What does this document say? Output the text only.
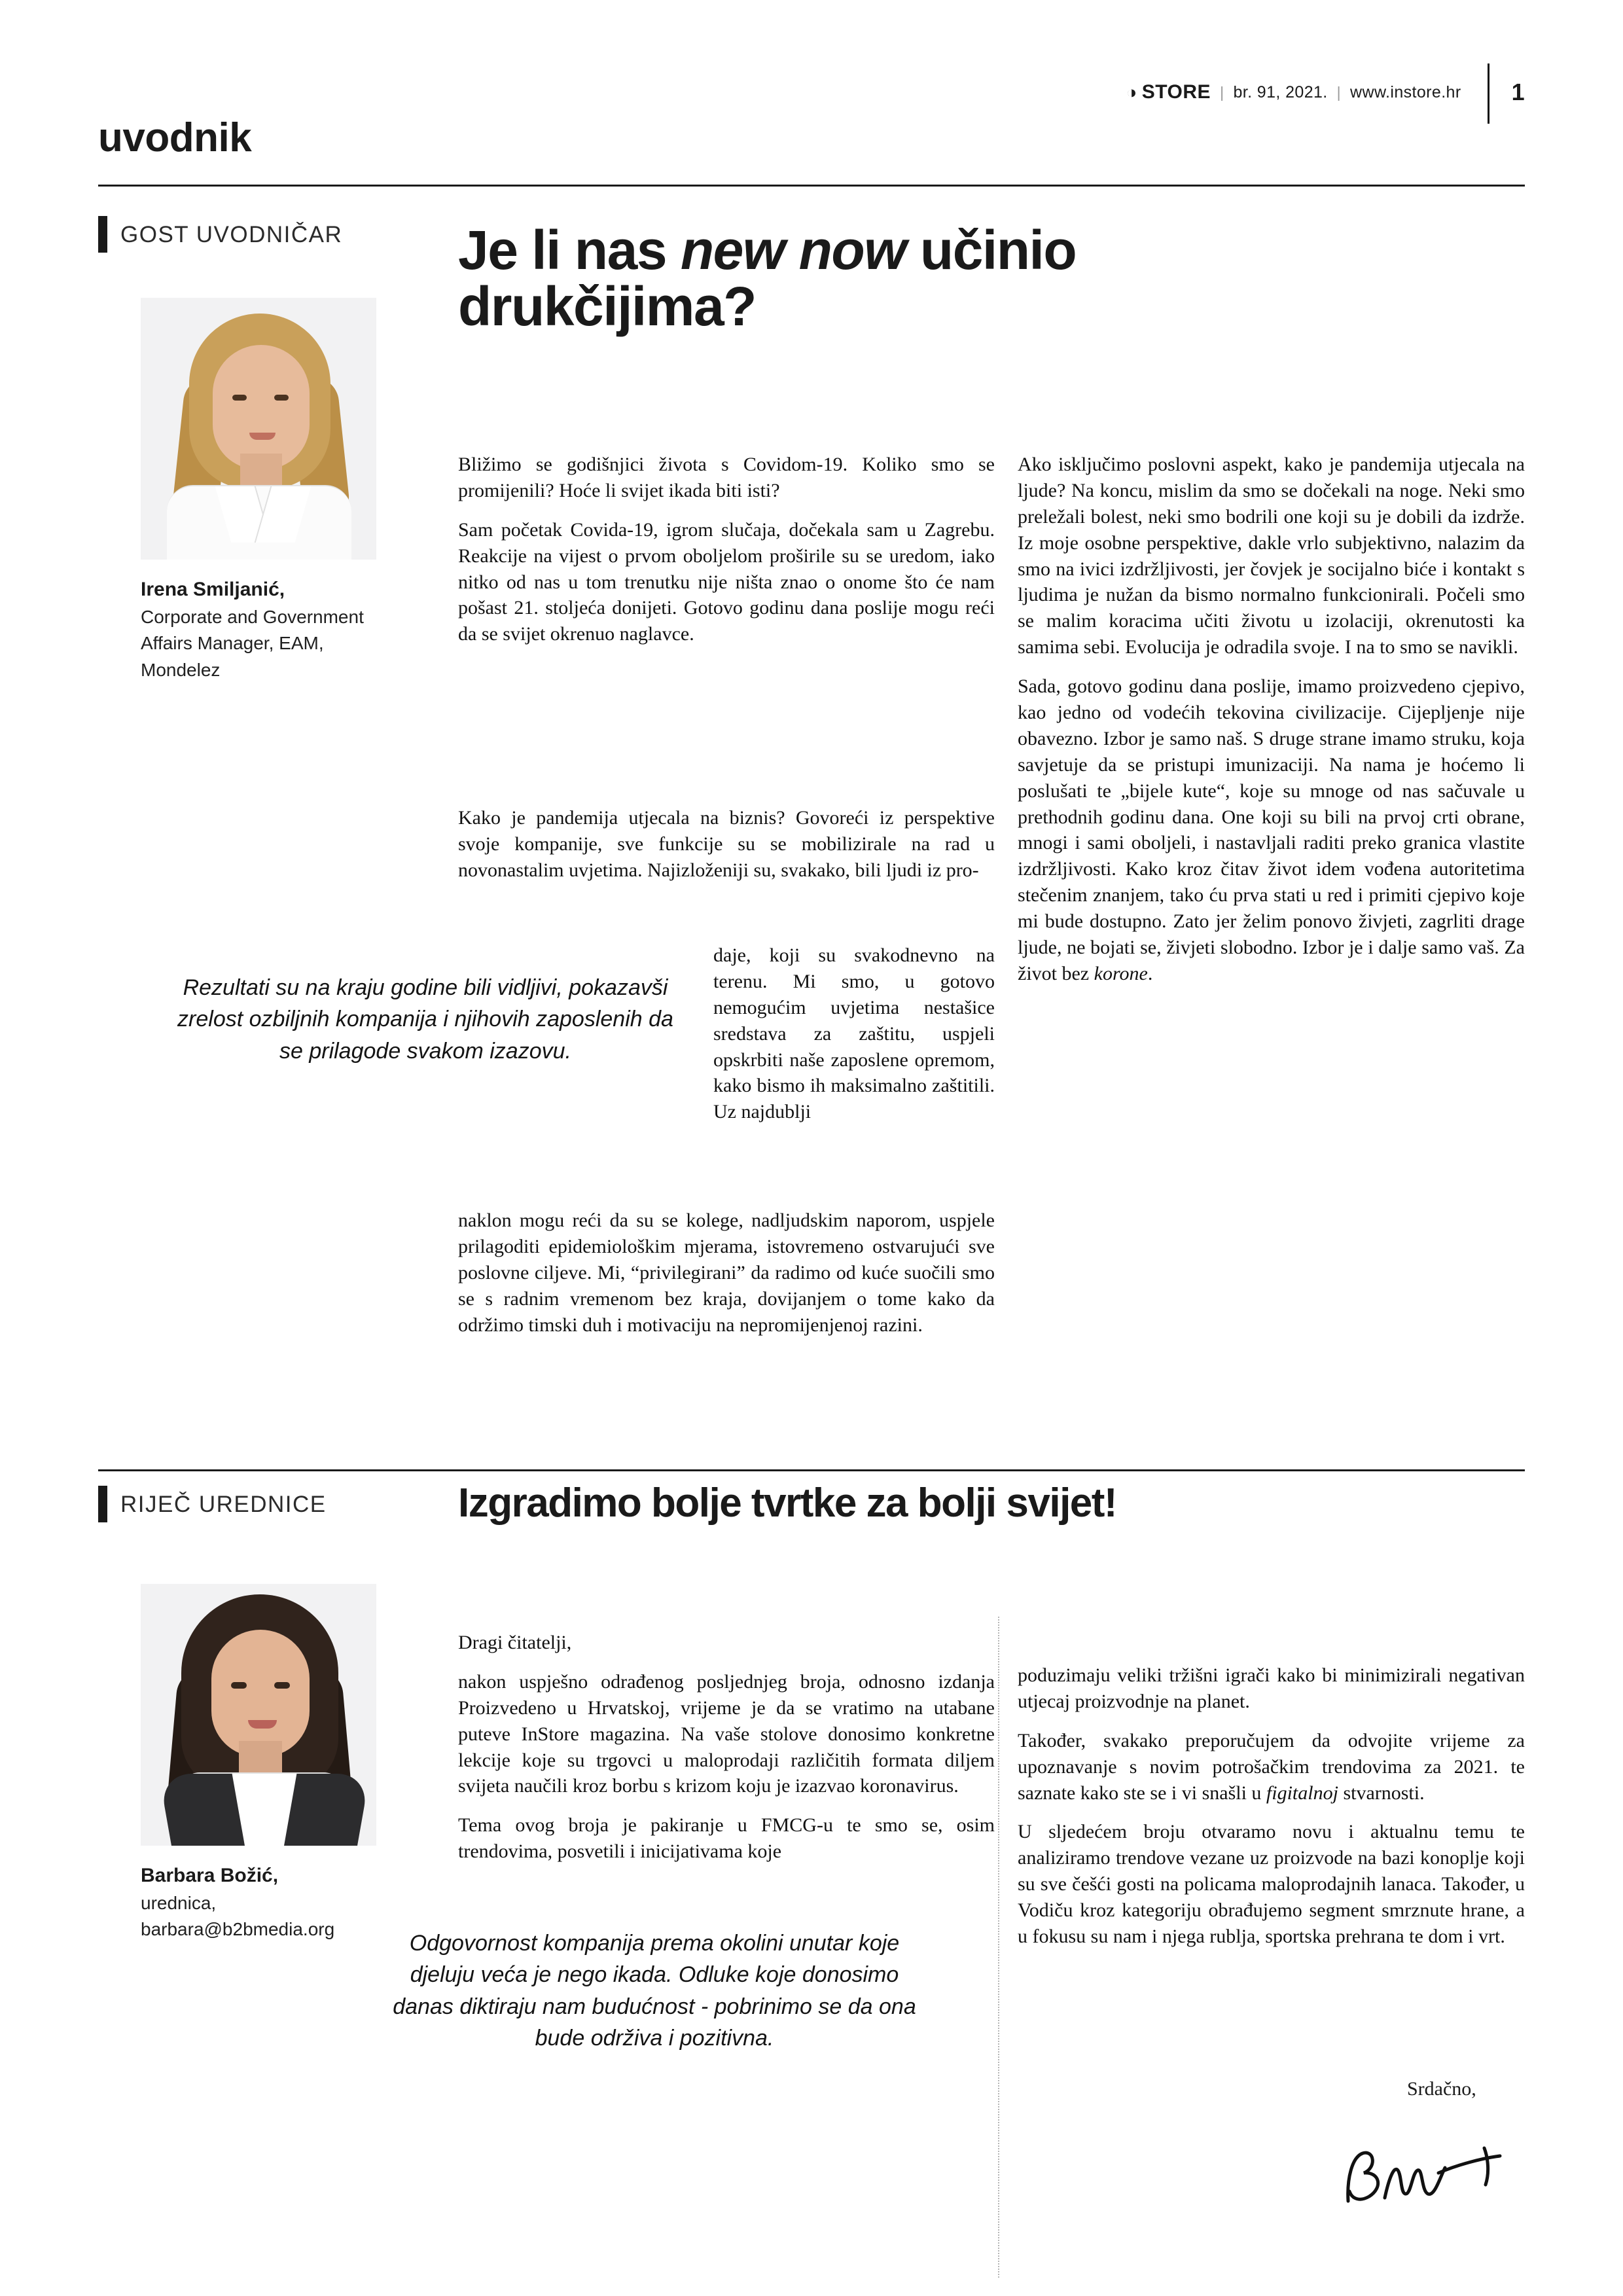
◑ STORE | br. 91, 2021. | www.instore.hr 1
uvodnik
GOST UVODNIČAR Je li nas new now učinio
drukčijima?
Irena Smiljanić,
Corporate and Government
Affairs Manager, EAM,
Mondelez

Bližimo se godišnjici života s Covidom-19. Koliko smo se promijenili? Hoće li svijet ikada biti isti?

Sam početak Covida-19, igrom slučaja, dočekala sam u Zagrebu. Reakcije na vijest o prvom oboljelom proširile su se uredom, iako nitko od nas u tom trenutku nije ništa znao o onome što će nam pošast 21. stoljeća donijeti. Gotovo godinu dana poslije mogu reći da se svijet okrenuo naglavce.

Kako je pandemija utjecala na biznis? Govoreći iz perspektive svoje kompanije, sve funkcije su se mobilizirale na rad u novonastalim uvjetima. Najizloženiji su, svakako, bili ljudi iz pro-

daje, koji su svakodnevno na terenu. Mi smo, u gotovo nemogućim uvjetima nestašice sredstava za zaštitu, uspjeli opskrbiti naše zaposlene opremom, kako bismo ih maksimalno zaštitili. Uz najdublji

naklon mogu reći da su se kolege, nadljudskim naporom, uspjele prilagoditi epidemiološkim mjerama, istovremeno ostvarujući sve poslovne ciljeve. Mi, “privilegirani” da radimo od kuće suočili smo se s radnim vremenom bez kraja, dovijanjem o tome kako da održimo timski duh i motivaciju na nepromijenjenoj razini.

Rezultati su na kraju godine bili vidljivi, pokazavši zrelost ozbiljnih kompanija i njihovih zaposlenih da se prilagode svakom izazovu.

Ako isključimo poslovni aspekt, kako je pandemija utjecala na ljude? Na koncu, mislim da smo se dočekali na noge. Neki smo preležali bolest, neki smo bodrili one koji su je dobili da izdrže. Iz moje osobne perspektive, dakle vrlo subjektivno, nalazim da smo na ivici izdržljivosti, jer čovjek je socijalno biće i kontakt s ljudima je nužan da bismo normalno funkcionirali. Počeli smo se malim koracima učiti životu u izolaciji, okrenutosti ka samima sebi. Evolucija je odradila svoje. I na to smo se navikli.

Sada, gotovo godinu dana poslije, imamo proizvedeno cjepivo, kao jedno od vodećih tekovina civilizacije. Cijepljenje nije obavezno. Izbor je samo naš. S druge strane imamo struku, koja savjetuje da se pristupi imunizaciji. Na nama je hoćemo li poslušati te „bijele kute“, koje su mnoge od nas sačuvale u prethodnih godinu dana. One koji su bili na prvoj crti obrane, mnogi i sami oboljeli, i nastavljali raditi preko granica vlastite izdržljivosti. Kako kroz čitav život idem vođena autoritetima stečenim znanjem, tako ću prva stati u red i primiti cjepivo koje mi bude dostupno. Zato jer želim ponovo živjeti, zagrliti drage ljude, ne bojati se, živjeti slobodno. Izbor je i dalje samo vaš. Za život bez korone.

RIJEČ UREDNICE	Izgradimo bolje tvrtke za bolji svijet!
Barbara Božić,
urednica,
barbara@b2bmedia.org

Dragi čitatelji,

nakon uspješno odrađenog posljednjeg broja, odnosno izdanja Proizvedeno u Hrvatskoj, vrijeme je da se vratimo na utabane puteve InStore magazina. Na vaše stolove donosimo konkretne lekcije koje su trgovci u maloprodaji različitih formata diljem svijeta naučili kroz borbu s krizom koju je izazvao koronavirus.

Tema ovog broja je pakiranje u FMCG-u te smo se, osim trendovima, posvetili i inicijativama koje

Odgovornost kompanija prema okolini unutar koje djeluju veća je nego ikada. Odluke koje donosimo danas diktiraju nam budućnost - pobrinimo se da ona bude održiva i pozitivna.

poduzimaju veliki tržišni igrači kako bi minimizirali negativan utjecaj proizvodnje na planet.

Također, svakako preporučujem da odvojite vrijeme za upoznavanje s novim potrošačkim trendovima za 2021. te saznate kako ste se i vi snašli u figitalnoj stvarnosti.

U sljedećem broju otvaramo novu i aktualnu temu te analiziramo trendove vezane uz proizvode na bazi konoplje koji su sve češći gosti na policama maloprodajnih lanaca. Također, u Vodiču kroz kategoriju obrađujemo segment smrznute hrane, a u fokusu su nam i njega rublja, sportska prehrana te dom i vrt.

Srdačno,
